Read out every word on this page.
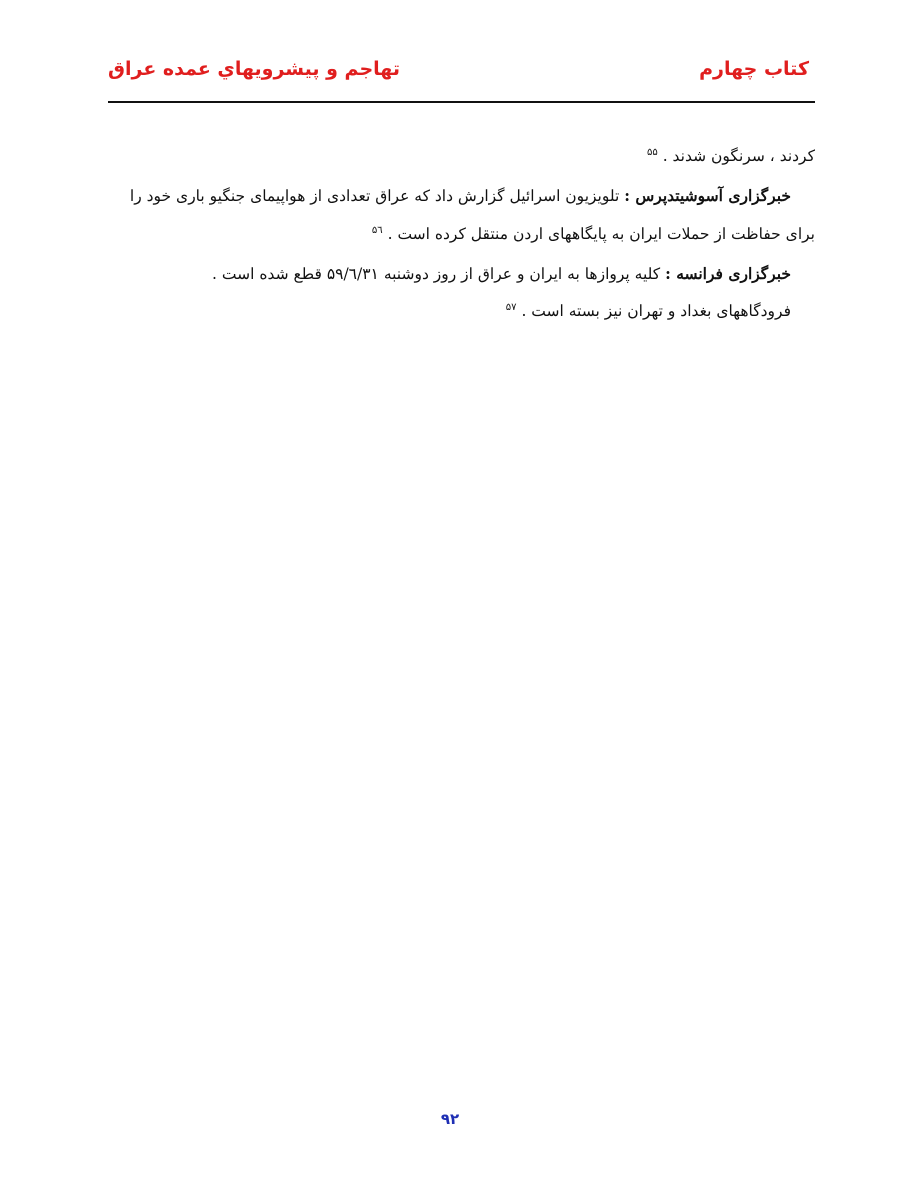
کتاب چهارم
تهاجم و پیشرویهاي عمده عراق
کردند ، سرنگون شدند . $^{۵۵}$
خبرگزاری آسوشیتدپرس : تلویزیون اسرائیل گزارش داد که عراق تعدادی از هواپیمای جنگیو باری خود را
برای حفاظت از حملات ایران به پایگاههای اردن منتقل کرده است . $^{۵٦}$
خبرگزاری فرانسه : کلیه پروازها به ایران و عراق از روز دوشنبه ۵۹/٦/۳۱ قطع شده است .
فرودگاههای بغداد و تهران نیز بسته است . $^{۵۷}$
۹۲
